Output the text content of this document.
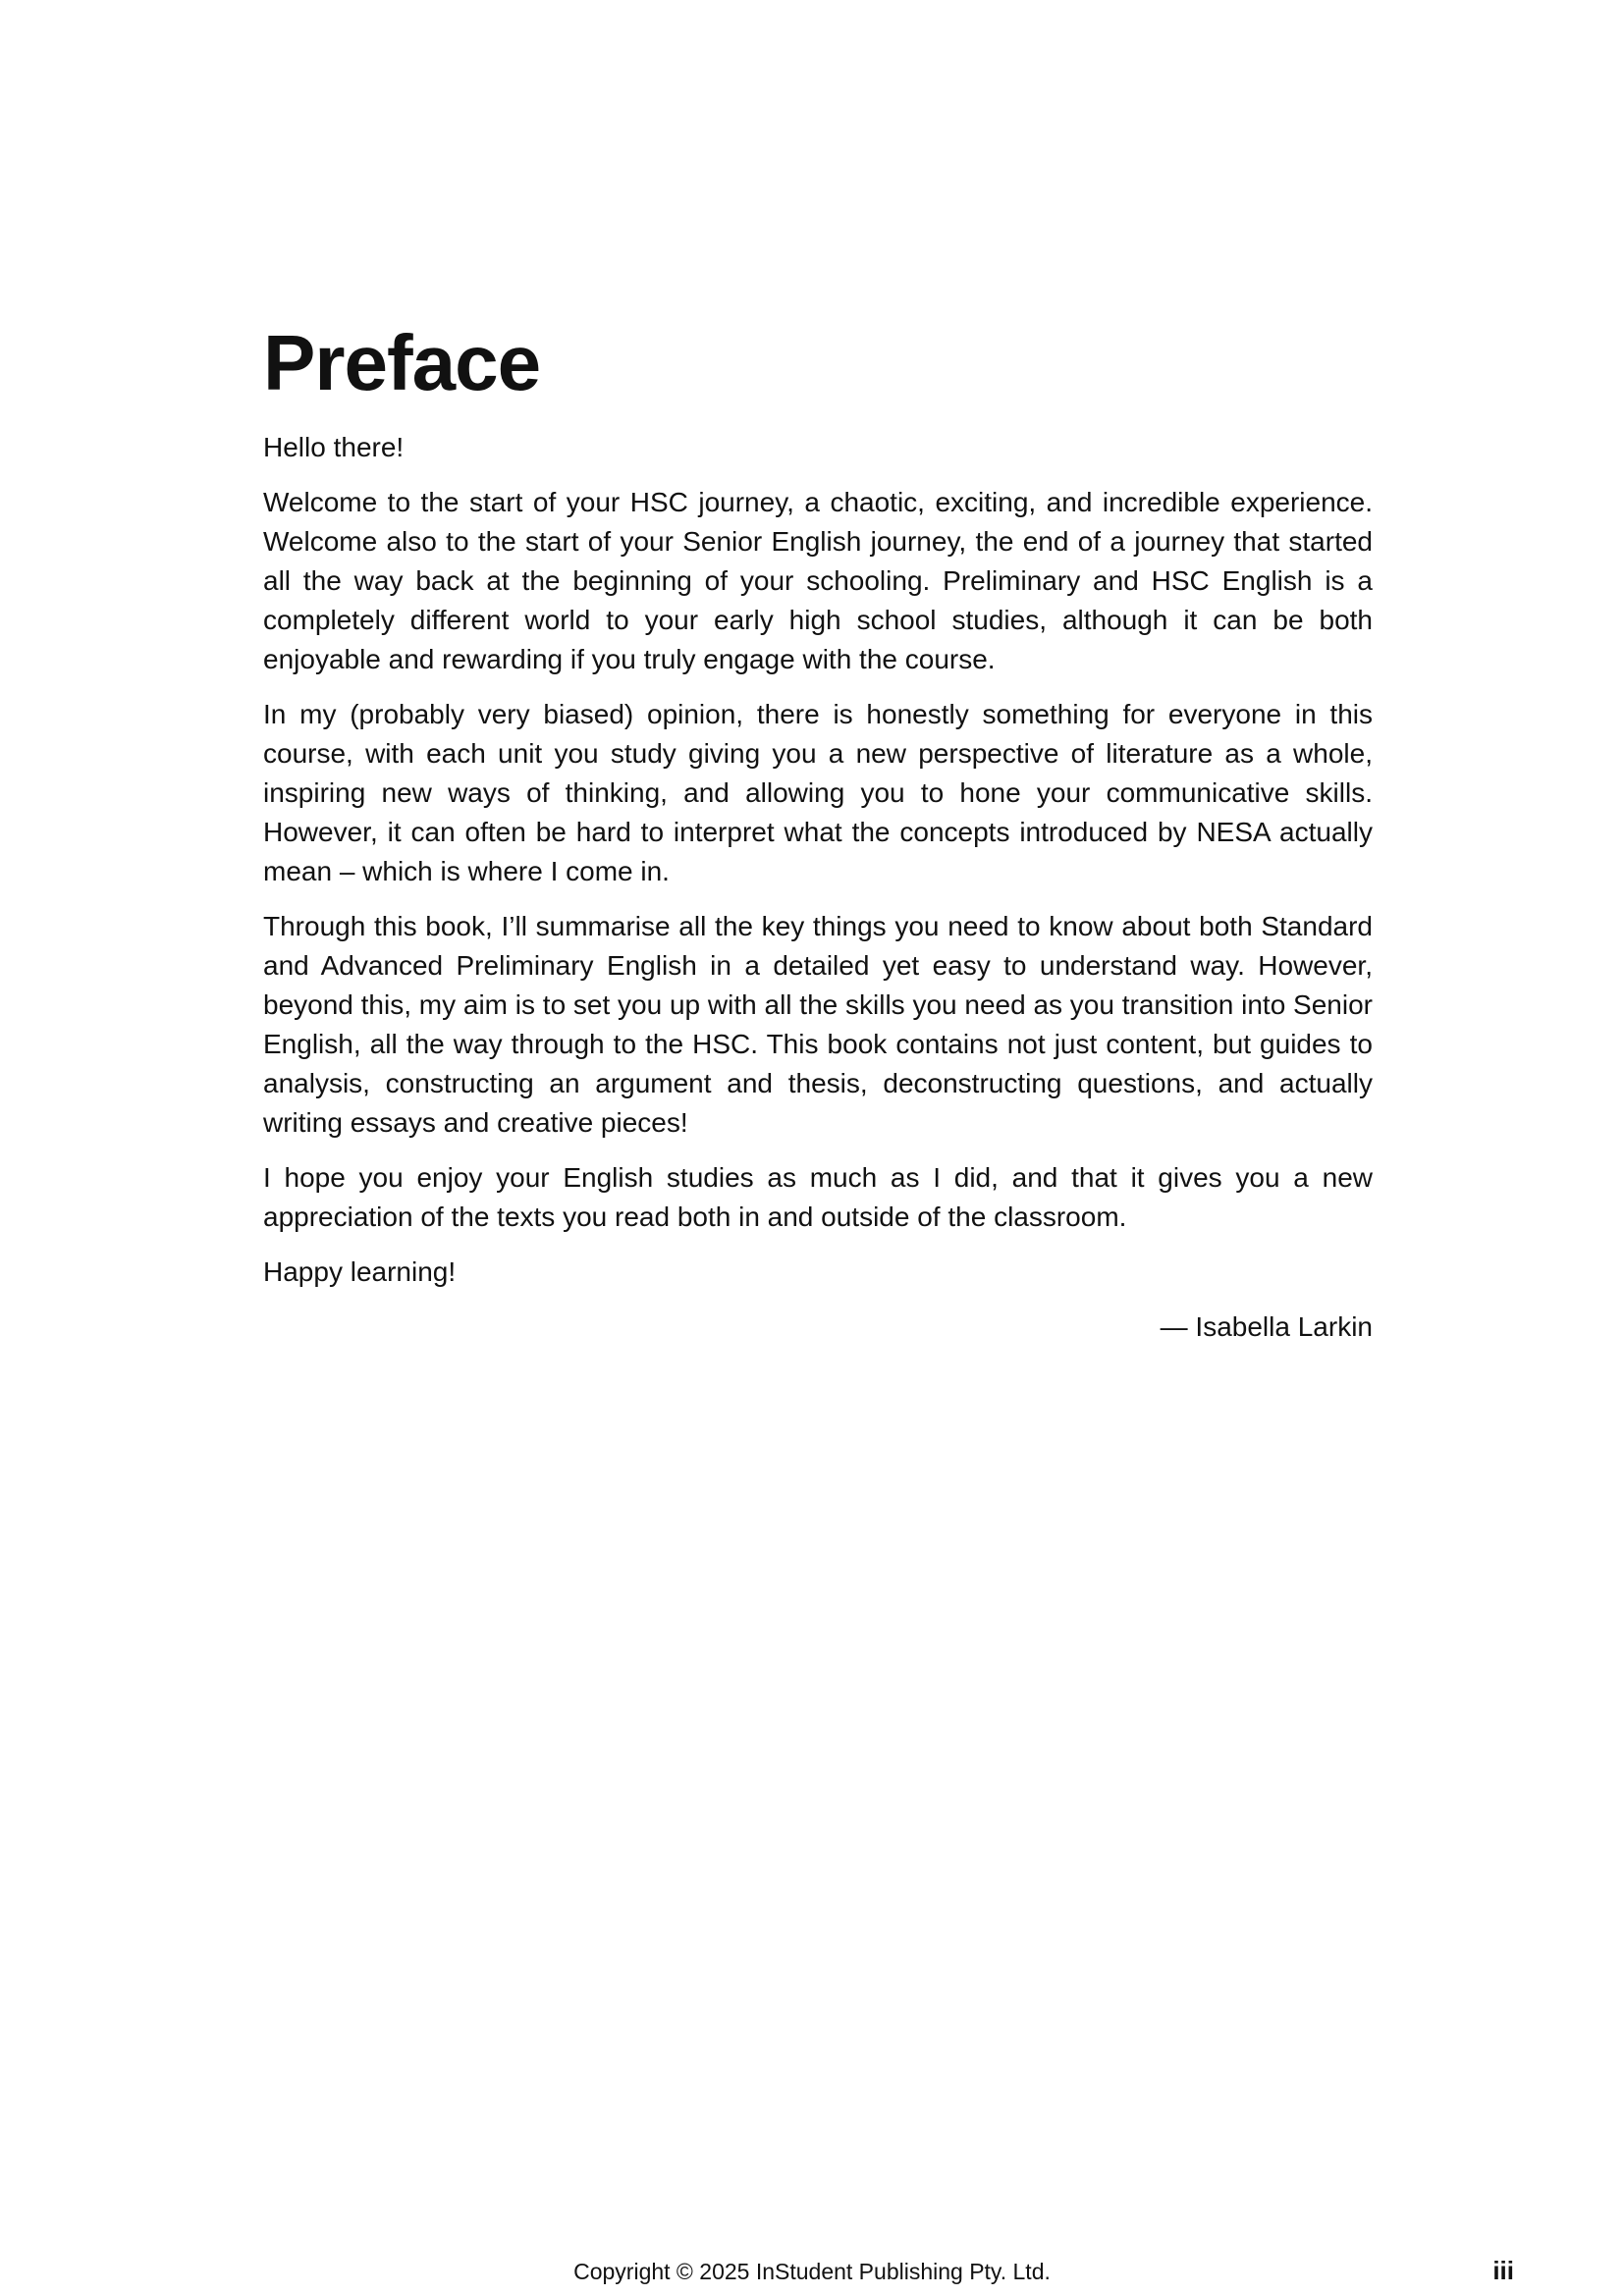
Preface

Hello there!

Welcome to the start of your HSC journey, a chaotic, exciting, and incredible experience. Welcome also to the start of your Senior English journey, the end of a journey that started all the way back at the beginning of your schooling. Preliminary and HSC English is a completely different world to your early high school studies, although it can be both enjoyable and rewarding if you truly engage with the course.

In my (probably very biased) opinion, there is honestly something for everyone in this course, with each unit you study giving you a new perspective of literature as a whole, inspiring new ways of thinking, and allowing you to hone your communicative skills. However, it can often be hard to interpret what the concepts introduced by NESA actually mean – which is where I come in.

Through this book, I’ll summarise all the key things you need to know about both Standard and Advanced Preliminary English in a detailed yet easy to understand way. However, beyond this, my aim is to set you up with all the skills you need as you transition into Senior English, all the way through to the HSC. This book contains not just content, but guides to analysis, constructing an argument and thesis, deconstructing questions, and actually writing essays and creative pieces!

I hope you enjoy your English studies as much as I did, and that it gives you a new appreciation of the texts you read both in and outside of the classroom.

Happy learning!

— Isabella Larkin

Copyright © 2025 InStudent Publishing Pty. Ltd.	iii
